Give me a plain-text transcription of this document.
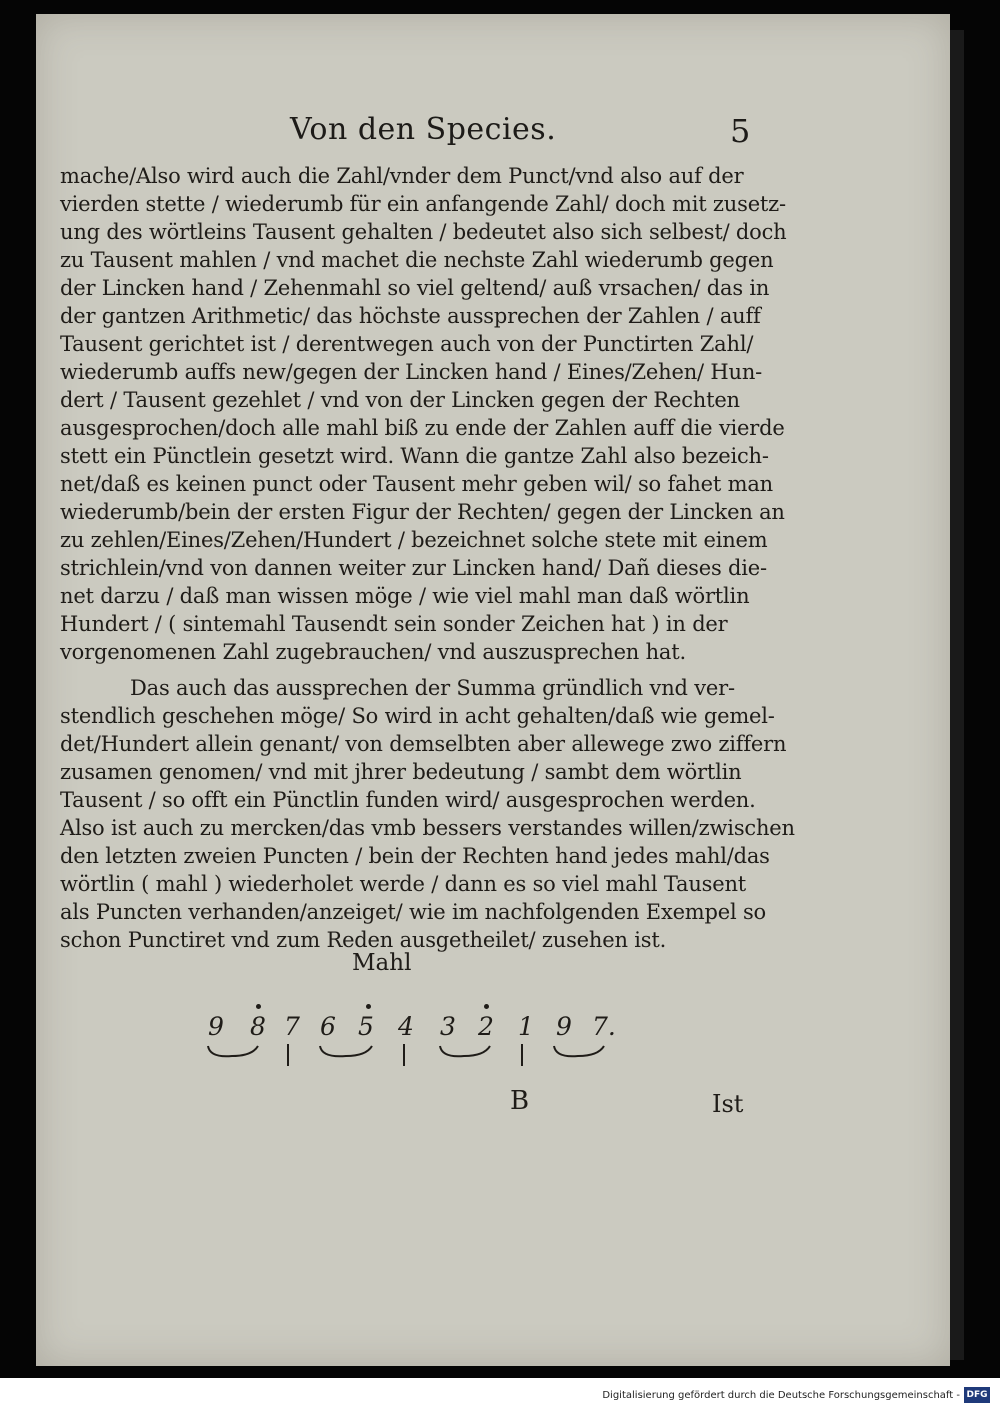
Von den Species.	5
mache/Also wird auch die Zahl/vnder dem Punct/vnd also auf der
vierden stette / wiederumb für ein anfangende Zahl/ doch mit zusetz-
ung des wörtleins Tausent gehalten / bedeutet also sich selbest/ doch
zu Tausent mahlen / vnd machet die nechste Zahl wiederumb gegen
der Lincken hand / Zehenmahl so viel geltend/ auß vrsachen/ das in
der gantzen Arithmetic/ das höchste aussprechen der Zahlen / auff
Tausent gerichtet ist / derentwegen auch von der Punctirten Zahl/
wiederumb auffs new/gegen der Lincken hand / Eines/Zehen/ Hun-
dert / Tausent gezehlet / vnd von der Lincken gegen der Rechten
ausgesprochen/doch alle mahl biß zu ende der Zahlen auff die vierde
stett ein Pünctlein gesetzt wird. Wann die gantze Zahl also bezeich-
net/daß es keinen punct oder Tausent mehr geben wil/ so fahet man
wiederumb/bein der ersten Figur der Rechten/ gegen der Lincken an
zu zehlen/Eines/Zehen/Hundert / bezeichnet solche stete mit einem
strichlein/vnd von dannen weiter zur Lincken hand/ Dañ dieses die-
net darzu / daß man wissen möge / wie viel mahl man daß wörtlin
Hundert / ( sintemahl Tausendt sein sonder Zeichen hat ) in der
vorgenomenen Zahl zugebrauchen/ vnd auszusprechen hat.
Das auch das aussprechen der Summa gründlich vnd ver-
stendlich geschehen möge/ So wird in acht gehalten/daß wie gemel-
det/Hundert allein genant/ von demselbten aber allewege zwo ziffern
zusamen genomen/ vnd mit jhrer bedeutung / sambt dem wörtlin
Tausent / so offt ein Pünctlin funden wird/ ausgesprochen werden.
Also ist auch zu mercken/das vmb bessers verstandes willen/zwischen
den letzten zweien Puncten / bein der Rechten hand jedes mahl/das
wörtlin ( mahl ) wiederholet werde / dann es so viel mahl Tausent
als Puncten verhanden/anzeiget/ wie im nachfolgenden Exempel so
schon Punctiret vnd zum Reden ausgetheilet/ zusehen ist.
Mahl
9 8 7 6 5 4 3 2 1 9 7.
B	Ist
Digitalisierung gefördert durch die Deutsche Forschungsgemeinschaft - DFG
